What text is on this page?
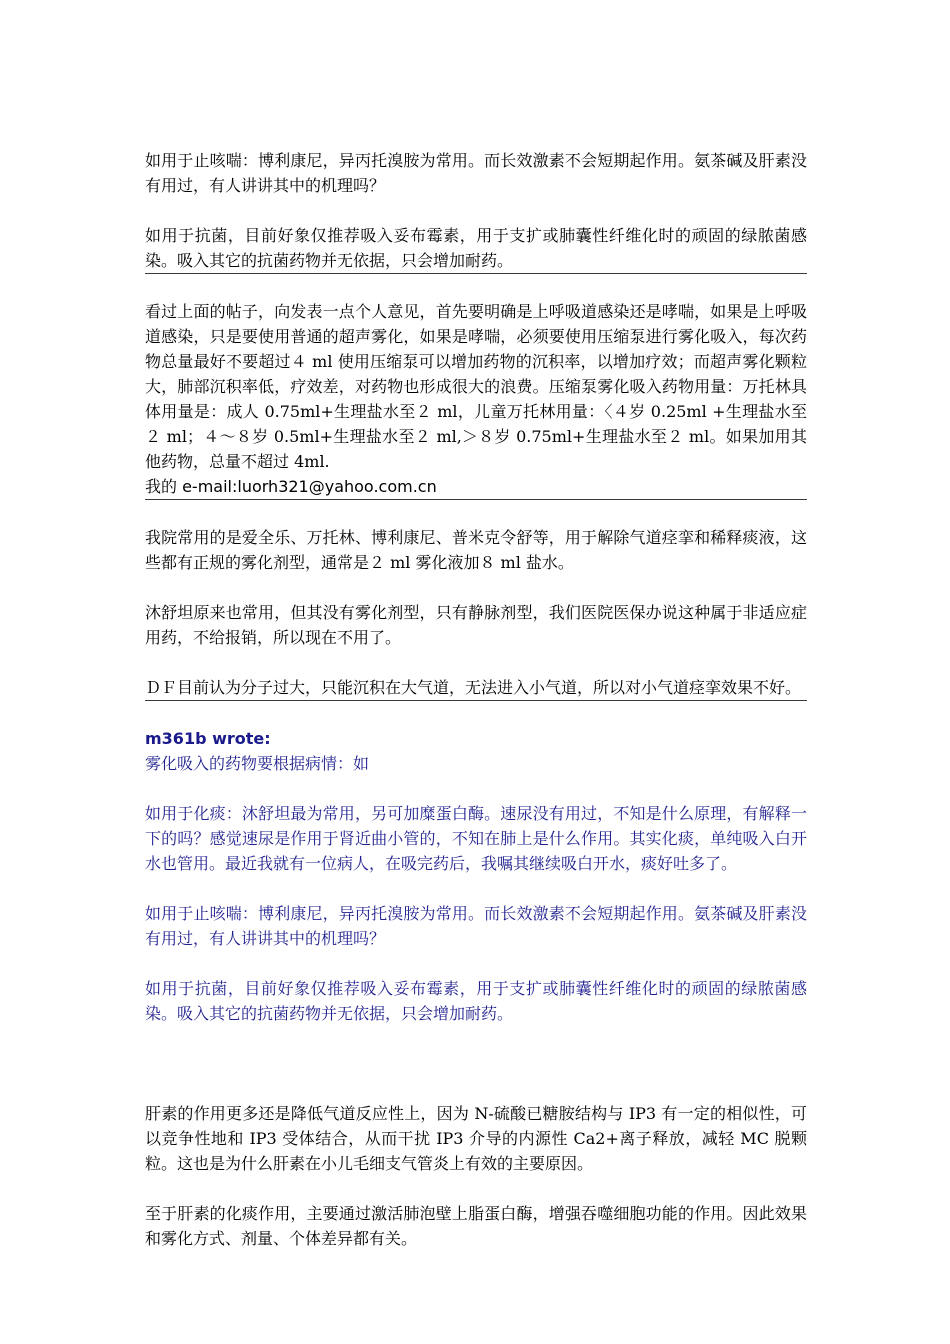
如用于止咳喘：博利康尼，异丙托溴胺为常用。而长效激素不会短期起作用。氨茶碱及肝素没有用过，有人讲讲其中的机理吗？

如用于抗菌，目前好象仅推荐吸入妥布霉素，用于支扩或肺囊性纤维化时的顽固的绿脓菌感染。吸入其它的抗菌药物并无依据，只会增加耐药。

看过上面的帖子，向发表一点个人意见，首先要明确是上呼吸道感染还是哮喘，如果是上呼吸道感染，只是要使用普通的超声雾化，如果是哮喘，必须要使用压缩泵进行雾化吸入，每次药物总量最好不要超过４ ml 使用压缩泵可以增加药物的沉积率，以增加疗效；而超声雾化颗粒大，肺部沉积率低，疗效差，对药物也形成很大的浪费。压缩泵雾化吸入药物用量：万托林具体用量是：成人 0.75ml+生理盐水至２ ml，儿童万托林用量：〈４岁 0.25ml +生理盐水至２ ml；４～８岁 0.5ml+生理盐水至２ ml,＞８岁 0.75ml+生理盐水至２ ml。如果加用其他药物，总量不超过 4ml.

我的 e-mail:luorh321@yahoo.com.cn

我院常用的是爱全乐、万托林、博利康尼、普米克令舒等，用于解除气道痉挛和稀释痰液，这些都有正规的雾化剂型，通常是２ ml 雾化液加８ ml 盐水。

沐舒坦原来也常用，但其没有雾化剂型，只有静脉剂型，我们医院医保办说这种属于非适应症用药，不给报销，所以现在不用了。

ＤＦ目前认为分子过大，只能沉积在大气道，无法进入小气道，所以对小气道痉挛效果不好。

m361b wrote:

雾化吸入的药物要根据病情：如

如用于化痰：沐舒坦最为常用，另可加糜蛋白酶。速尿没有用过，不知是什么原理，有解释一下的吗？感觉速尿是作用于肾近曲小管的，不知在肺上是什么作用。其实化痰，单纯吸入白开水也管用。最近我就有一位病人，在吸完药后，我嘱其继续吸白开水，痰好吐多了。

如用于止咳喘：博利康尼，异丙托溴胺为常用。而长效激素不会短期起作用。氨茶碱及肝素没有用过，有人讲讲其中的机理吗？

如用于抗菌，目前好象仅推荐吸入妥布霉素，用于支扩或肺囊性纤维化时的顽固的绿脓菌感染。吸入其它的抗菌药物并无依据，只会增加耐药。

肝素的作用更多还是降低气道反应性上，因为 N-硫酸已糖胺结构与 IP3 有一定的相似性，可以竞争性地和 IP3 受体结合，从而干扰 IP3 介导的内源性 Ca2+离子释放，减轻 MC 脱颗粒。这也是为什么肝素在小儿毛细支气管炎上有效的主要原因。

至于肝素的化痰作用，主要通过激活肺泡壁上脂蛋白酶，增强吞噬细胞功能的作用。因此效果和雾化方式、剂量、个体差异都有关。
